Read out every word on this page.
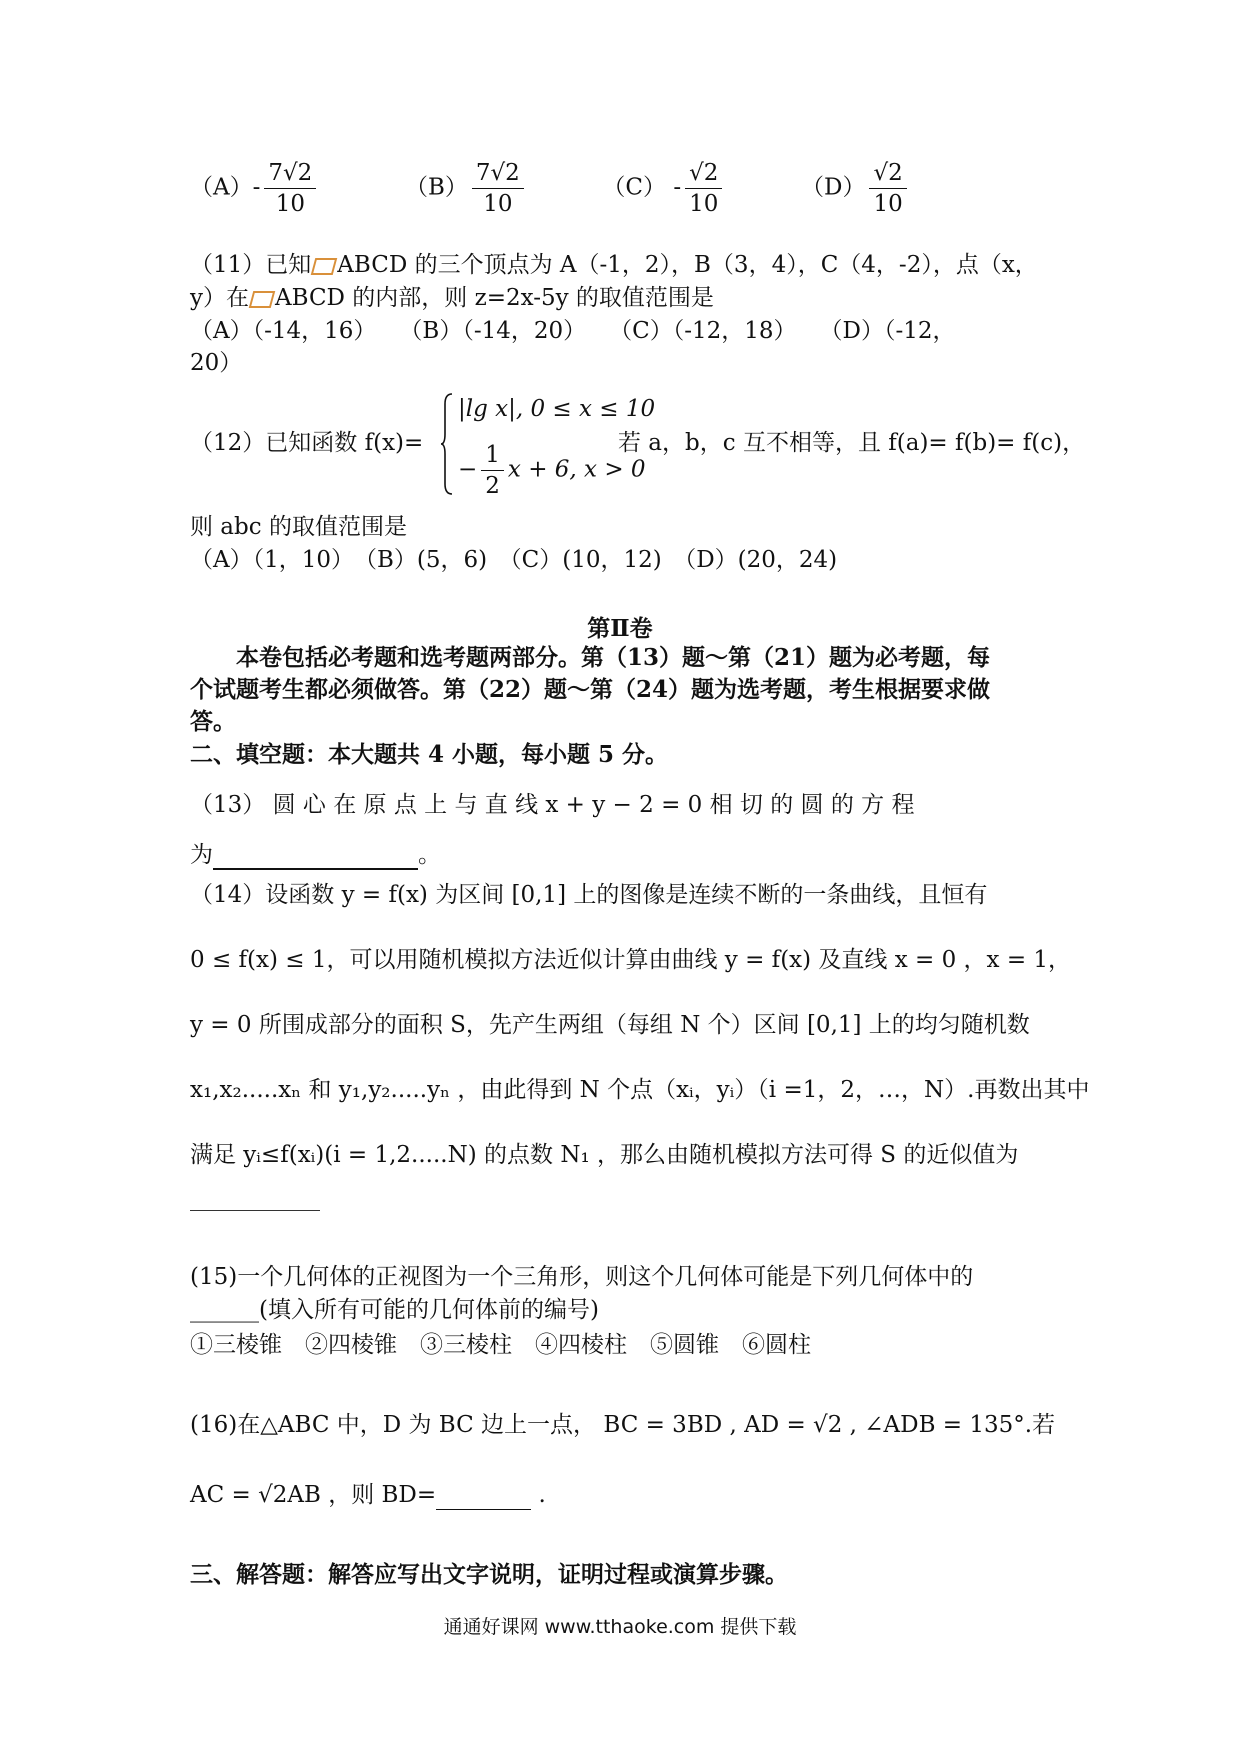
$(A)- \frac{7√2}{10}$	$(B) \frac{7√2}{10}$	$(C) - \frac{√2}{10}$	$(D) \frac{√2}{10}$
（11）已知 ABCD 的三个顶点为 A（-1，2），B（3，4），C（4，-2），点（x，
y）在 ABCD 的内部，则 z=2x-5y 的取值范围是
（A）（-14，16）　　（B）（-14，20）　　（C）（-12，18）　　（D）（-12，
20）
（12）已知函数 f(x)=
|lg x|, 0 ≤ x ≤ 10
− $\frac{1}{2}$ x + 6, x > 0
若 a，b，c 互不相等，且 f(a)= f(b)= f(c)，
则 abc 的取值范围是
（A）（1，10）　（B）(5，6)　（C）(10，12)　（D）(20，24)
第Ⅱ卷
本卷包括必考题和选考题两部分。第（13）题～第（21）题为必考题，每
个试题考生都必须做答。第（22）题～第（24）题为选考题，考生根据要求做
答。
二、填空题：本大题共 4 小题，每小题 5 分。
（13） 圆 心 在 原 点 上 与 直 线 x + y − 2 = 0 相 切 的 圆 的 方 程
为	。
（14）设函数 y = f(x) 为区间 [0,1] 上的图像是连续不断的一条曲线，且恒有
0 ≤ f(x) ≤ 1，可以用随机模拟方法近似计算由曲线 y = f(x) 及直线 x = 0 ，x = 1，
y = 0 所围成部分的面积 S，先产生两组（每组 N 个）区间 [0,1] 上的均匀随机数
x₁,x₂.....xₙ 和 y₁,y₂.....yₙ ，由此得到 N 个点（xᵢ，yᵢ）（i =1，2，…，N）.再数出其中
满足 yᵢ≤f(xᵢ)(i = 1,2.....N) 的点数 N₁ ，那么由随机模拟方法可得 S 的近似值为
(15)一个几何体的正视图为一个三角形，则这个几何体可能是下列几何体中的
______(填入所有可能的几何体前的编号)
①三棱锥　②四棱锥　③三棱柱　④四棱柱　⑤圆锥　⑥圆柱
(16)在△ABC 中，D 为 BC 边上一点， BC = 3BD , AD = √2 , ∠ADB = 135°.若
AC = √2AB ，则 BD=	.
三、解答题：解答应写出文字说明，证明过程或演算步骤。
通通好课网 www.tthaoke.com 提供下载
